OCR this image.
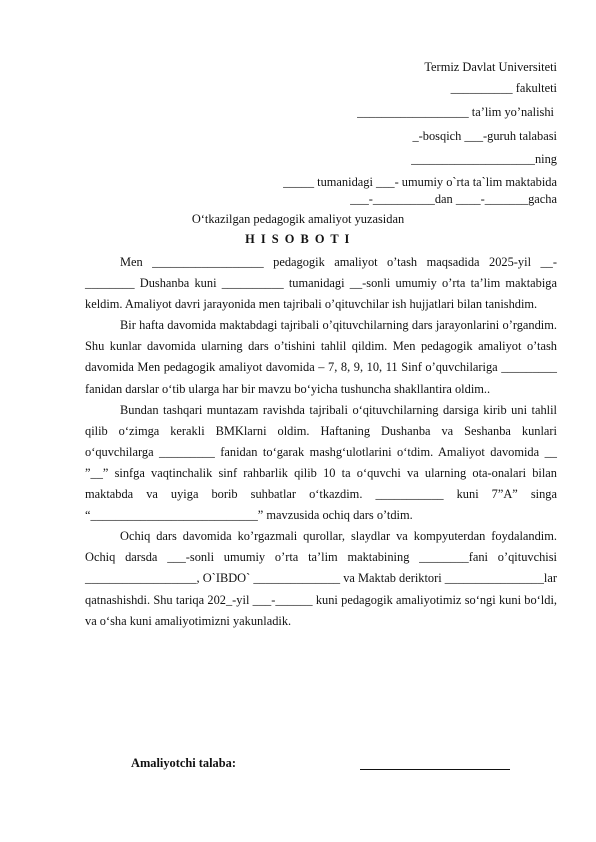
Termiz Davlat Universiteti
__________ fakulteti
__________________ ta’lim yo’nalishi
_-bosqich ___-guruh talabasi
____________________ning
_____ tumanidagi ___- umumiy o`rta ta`lim maktabida
___-__________dan ____-_______gacha
O‘tkazilgan pedagogik amaliyot yuzasidan
H I S O B O T I

Men __________________ pedagogik amaliyot o’tash maqsadida 2025-yil __-________ Dushanba kuni __________ tumanidagi __-sonli umumiy o’rta ta’lim maktabiga keldim. Amaliyot davri jarayonida men tajribali o’qituvchilar ish hujjatlari bilan tanishdim.

Bir hafta davomida maktabdagi tajribali o’qituvchilarning dars jarayonlarini o’rgandim. Shu kunlar davomida ularning dars o’tishini tahlil qildim. Men pedagogik amaliyot o’tash davomida Men pedagogik amaliyot davomida – 7, 8, 9, 10, 11 Sinf o’quvchilariga _________ fanidan darslar o‘tib ularga har bir mavzu bo‘yicha tushuncha shakllantira oldim..

Bundan tashqari muntazam ravishda tajribali o‘qituvchilarning darsiga kirib uni tahlil qilib o‘zimga kerakli BMKlarni oldim. Haftaning Dushanba va Seshanba kunlari o‘quvchilarga _________ fanidan to‘garak mashg‘ulotlarini o‘tdim. Amaliyot davomida __ ”__” sinfga vaqtinchalik sinf rahbarlik qilib 10 ta o‘quvchi va ularning ota-onalari bilan maktabda va uyiga borib suhbatlar o‘tkazdim. ___________ kuni 7”A” singa “___________________________” mavzusida ochiq dars o’tdim.

Ochiq dars davomida ko’rgazmali qurollar, slaydlar va kompyuterdan foydalandim. Ochiq darsda ___-sonli umumiy o’rta ta’lim maktabining ________fani o’qituvchisi __________________, O`IBDO` ______________ va Maktab deriktori ________________lar qatnashishdi. Shu tariqa 202_-yil ___-______ kuni pedagogik amaliyotimiz so‘ngi kuni bo‘ldi, va o‘sha kuni amaliyotimizni yakunladik.

Amaliyotchi talaba:
